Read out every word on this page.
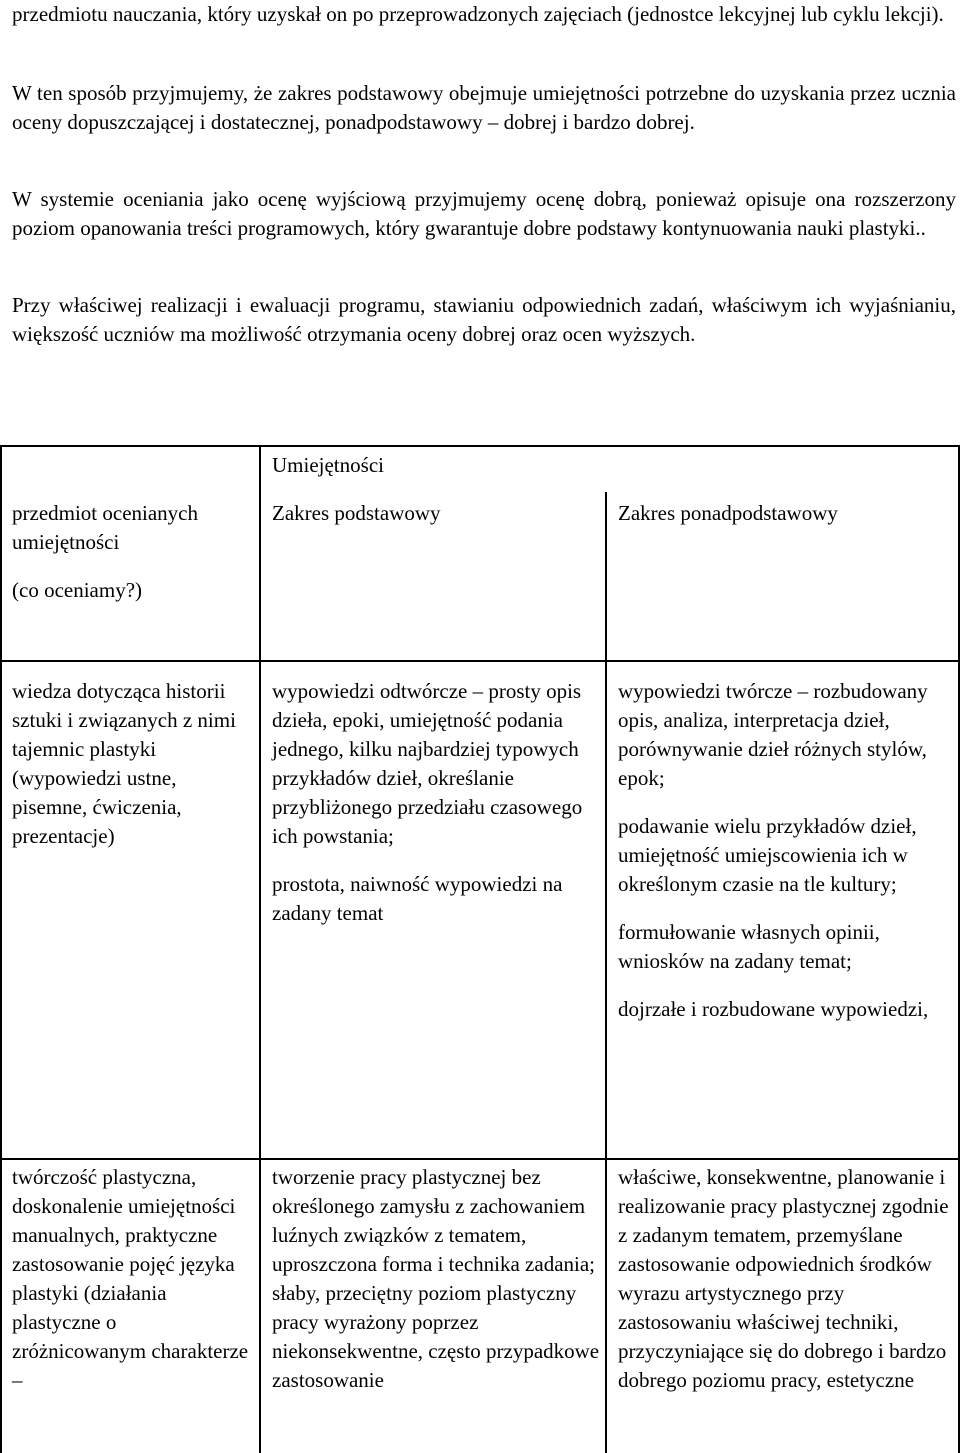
przedmiotu nauczania, który uzyskał on po przeprowadzonych zajęciach (jednostce lekcyjnej lub cyklu lekcji).

W ten sposób przyjmujemy, że zakres podstawowy obejmuje umiejętności potrzebne do uzyskania przez ucznia oceny dopuszczającej i dostatecznej, ponadpodstawowy – dobrej i bardzo dobrej.

W systemie oceniania jako ocenę wyjściową przyjmujemy ocenę dobrą, ponieważ opisuje ona rozszerzony poziom opanowania treści programowych, który gwarantuje dobre podstawy kontynuowania nauki plastyki..

Przy właściwej realizacji i ewaluacji programu, stawianiu odpowiednich zadań, właściwym ich wyjaśnianiu, większość uczniów ma możliwość otrzymania oceny dobrej oraz ocen wyższych.

Umiejętności

przedmiot ocenianych umiejętności

(co oceniamy?)

Zakres podstawowy	Zakres ponadpodstawowy
wiedza dotycząca historii sztuki i związanych z nimi tajemnic plastyki (wypowiedzi ustne, pisemne, ćwiczenia, prezentacje)

wypowiedzi odtwórcze – prosty opis dzieła, epoki, umiejętność podania jednego, kilku najbardziej typowych przykładów dzieł, określanie przybliżonego przedziału czasowego ich powstania;

prostota, naiwność wypowiedzi na zadany temat

wypowiedzi twórcze – rozbudowany opis, analiza, interpretacja dzieł, porównywanie dzieł różnych stylów, epok;

podawanie wielu przykładów dzieł, umiejętność umiejscowienia ich w określonym czasie na tle kultury;

formułowanie własnych opinii, wniosków na zadany temat;

dojrzałe i rozbudowane wypowiedzi,

twórczość plastyczna, doskonalenie umiejętności manualnych, praktyczne zastosowanie pojęć języka plastyki (działania plastyczne o zróżnicowanym charakterze –
tworzenie pracy plastycznej bez określonego zamysłu z zachowaniem luźnych związków z tematem, uproszczona forma i technika zadania; słaby, przeciętny poziom plastyczny pracy wyrażony poprzez niekonsekwentne, często przypadkowe zastosowanie
właściwe, konsekwentne, planowanie i realizowanie pracy plastycznej zgodnie z zadanym tematem, przemyślane zastosowanie odpowiednich środków wyrazu artystycznego przy zastosowaniu właściwej techniki, przyczyniające się do dobrego i bardzo dobrego poziomu pracy, estetyczne
